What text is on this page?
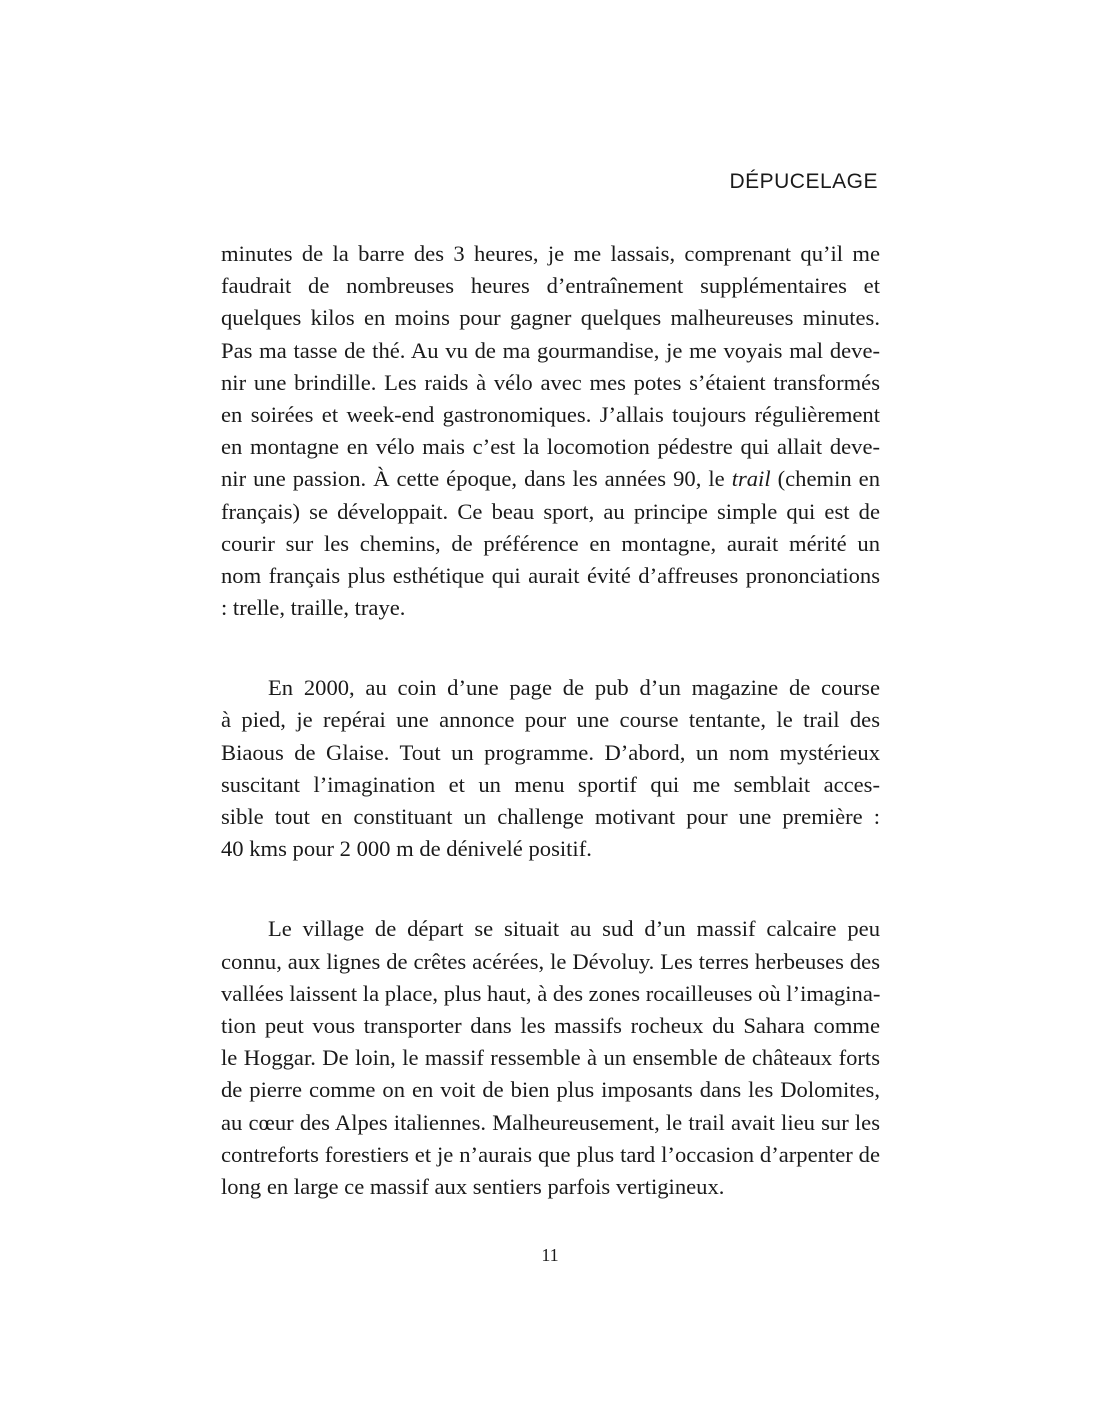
DÉPUCELAGE
minutes de la barre des 3 heures, je me lassais, comprenant qu’il me
faudrait de nombreuses heures d’entraînement supplémentaires et
quelques kilos en moins pour gagner quelques malheureuses minutes.
Pas ma tasse de thé. Au vu de ma gourmandise, je me voyais mal deve-
nir une brindille. Les raids à vélo avec mes potes s’étaient transformés
en soirées et week-end gastronomiques. J’allais toujours régulièrement
en montagne en vélo mais c’est la locomotion pédestre qui allait deve-
nir une passion. À cette époque, dans les années 90, le trail (chemin en
français) se développait. Ce beau sport, au principe simple qui est de
courir sur les chemins, de préférence en montagne, aurait mérité un
nom français plus esthétique qui aurait évité d’affreuses prononciations
: trelle, traille, traye.
En 2000, au coin d’une page de pub d’un magazine de course
à pied, je repérai une annonce pour une course tentante, le trail des
Biaous de Glaise. Tout un programme. D’abord, un nom mystérieux
suscitant l’imagination et un menu sportif qui me semblait acces-
sible tout en constituant un challenge motivant pour une première :
40 kms pour 2 000 m de dénivelé positif.
Le village de départ se situait au sud d’un massif calcaire peu
connu, aux lignes de crêtes acérées, le Dévoluy. Les terres herbeuses des
vallées laissent la place, plus haut, à des zones rocailleuses où l’imagina-
tion peut vous transporter dans les massifs rocheux du Sahara comme
le Hoggar. De loin, le massif ressemble à un ensemble de châteaux forts
de pierre comme on en voit de bien plus imposants dans les Dolomites,
au cœur des Alpes italiennes. Malheureusement, le trail avait lieu sur les
contreforts forestiers et je n’aurais que plus tard l’occasion d’arpenter de
long en large ce massif aux sentiers parfois vertigineux.
11
